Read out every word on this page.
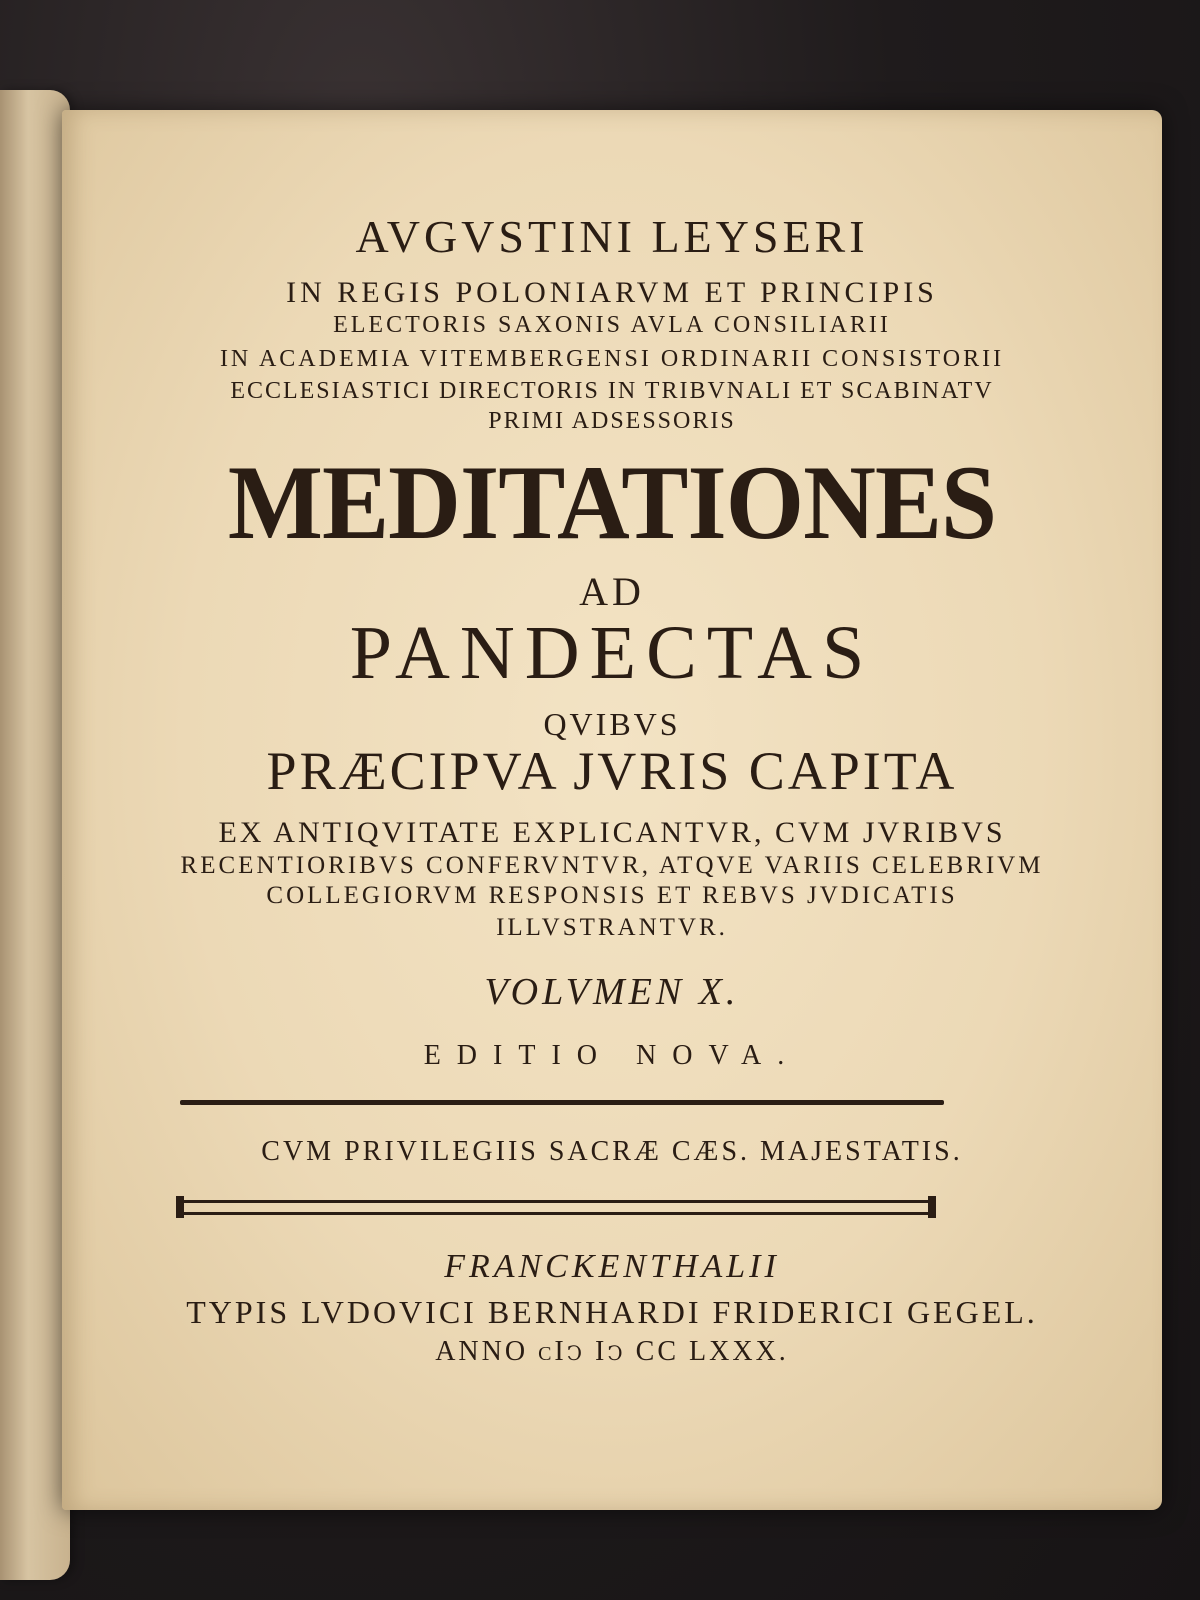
AVGVSTINI LEYSERI
IN REGIS POLONIARVM ET PRINCIPIS
ELECTORIS SAXONIS AVLA CONSILIARII
IN ACADEMIA VITEMBERGENSI ORDINARII CONSISTORII
ECCLESIASTICI DIRECTORIS IN TRIBVNALI ET SCABINATV
PRIMI ADSESSORIS
MEDITATIONES
AD
PANDECTAS
QVIBVS
PRÆCIPVA JVRIS CAPITA
EX ANTIQVITATE EXPLICANTVR, CVM JVRIBVS
RECENTIORIBVS CONFERVNTVR, ATQVE VARIIS CELEBRIVM
COLLEGIORVM RESPONSIS ET REBVS JVDICATIS
ILLVSTRANTVR.
VOLVMEN X.
EDITIO NOVA.
CVM PRIVILEGIIS SACRÆ CÆS. MAJESTATIS.
FRANCKENTHALII
TYPIS LVDOVICI BERNHARDI FRIDERICI GEGEL.
ANNO cIↄ Iↄ CC LXXX.
